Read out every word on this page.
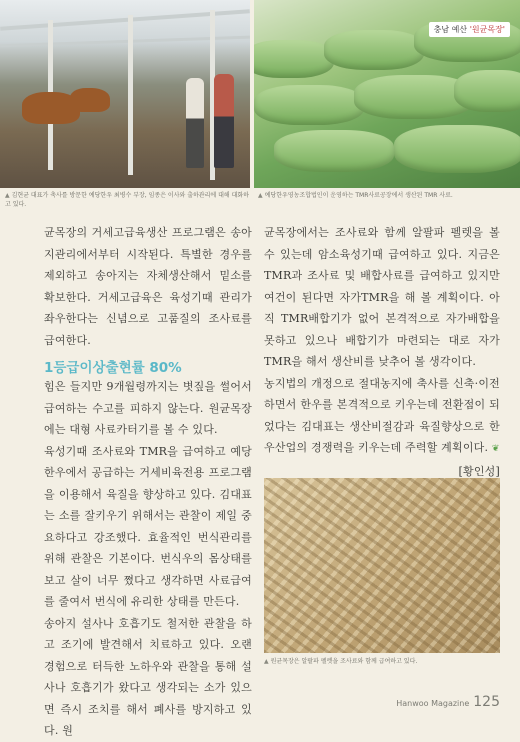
▲ 김현균 대표가 축사를 방문한 예당한우 최병수 부장, 임종은 이사와 출하관리에 대해 대화하고 있다.
충남 예산 '원균목장'
▲ 예당한우영농조합법인이 운영하는 TMR사료공장에서 생산된 TMR 사료.

균목장의 거세고급육생산 프로그램은 송아지관리에서부터 시작된다. 특별한 경우를 제외하고 송아지는 자체생산해서 밑소를 확보한다. 거세고급육은 육성기때 관리가 좌우한다는 신념으로 고품질의 조사료를 급여한다.

1등급이상출현률 80%

힘은 들지만 9개월령까지는 볏짚을 썰어서 급여하는 수고를 피하지 않는다. 원균목장에는 대형 사료카터기를 볼 수 있다.

육성기때 조사료와 TMR을 급여하고 예당한우에서 공급하는 거세비육전용 프로그램을 이용해서 육질을 향상하고 있다. 김대표는 소를 잘키우기 위해서는 관찰이 제일 중요하다고 강조했다. 효율적인 번식관리를 위해 관찰은 기본이다. 번식우의 몸상태를 보고 살이 너무 쪘다고 생각하면 사료급여를 줄여서 번식에 유리한 상태를 만든다.

송아지 설사나 호흡기도 철저한 관찰을 하고 조기에 발견해서 치료하고 있다. 오랜 경험으로 터득한 노하우와 관찰을 통해 설사나 호흡기가 왔다고 생각되는 소가 있으면 즉시 조치를 해서 폐사를 방지하고 있다. 원

균목장에서는 조사료와 함께 알팔파 펠렛을 볼 수 있는데 암소육성기때 급여하고 있다. 지금은 TMR과 조사료 및 배합사료를 급여하고 있지만 여건이 된다면 자가TMR을 해 볼 계획이다. 아직 TMR배합기가 없어 본격적으로 자가배합을 못하고 있으나 배합기가 마련되는 대로 자가TMR을 해서 생산비를 낮추어 볼 생각이다.

농지법의 개정으로 절대농지에 축사를 신축·이전하면서 한우를 본격적으로 키우는데 전환점이 되었다는 김대표는 생산비절감과 육질향상으로 한우산업의 경쟁력을 키우는데 주력할 계획이다. ❦
[황인성]

▲ 원균목장은 알팔파 펠렛을 조사료와 함께 급여하고 있다.
Hanwoo Magazine 125
